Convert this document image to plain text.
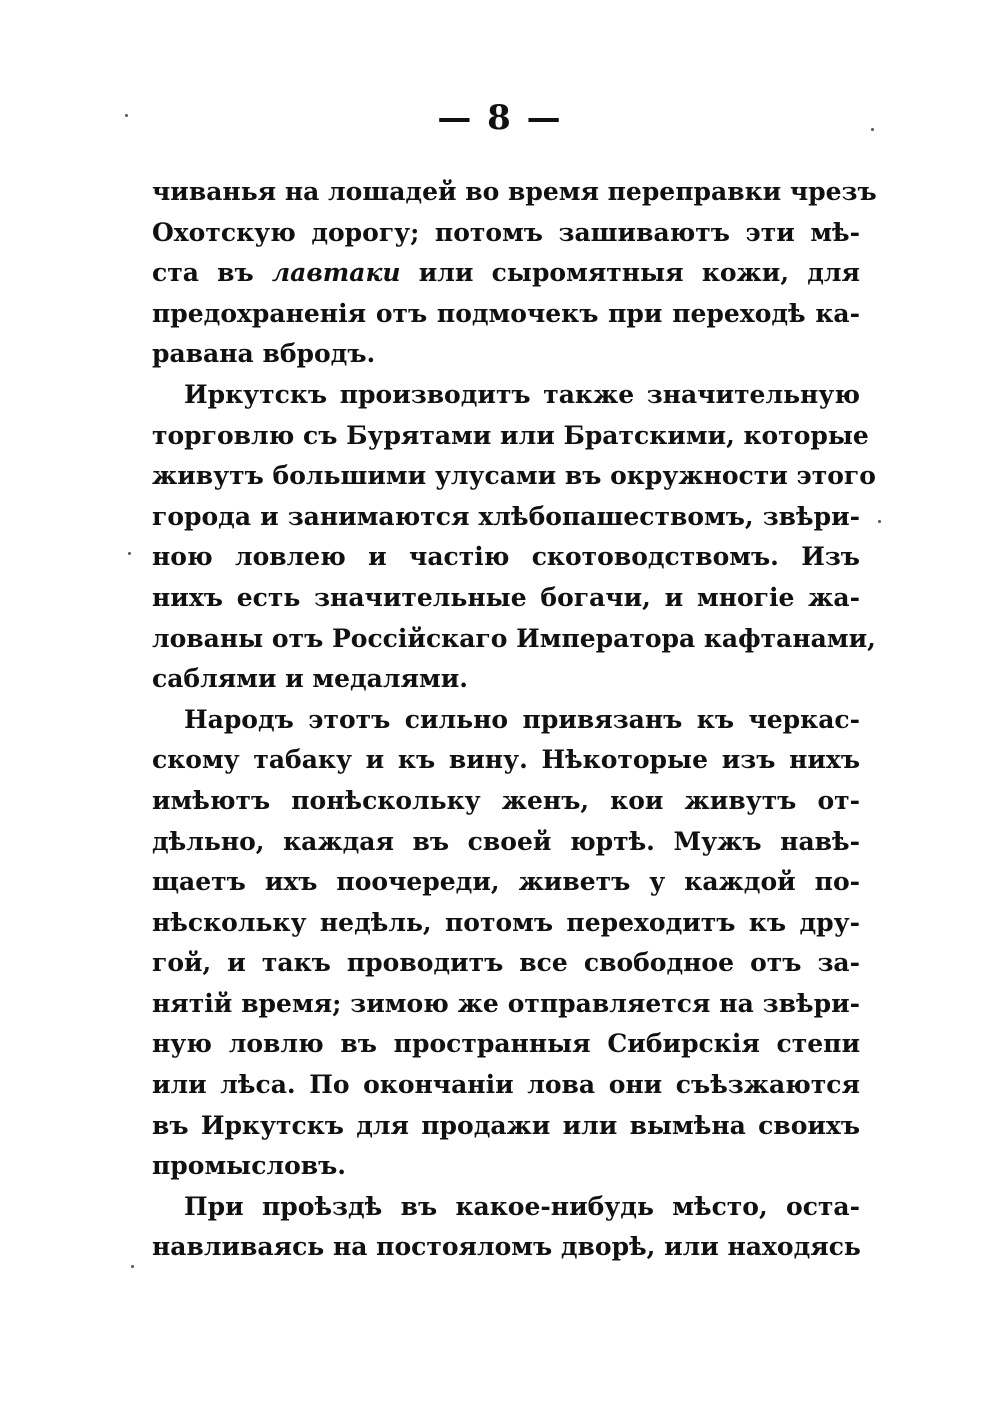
— 8 —
чиванья на лошадей во время переправки чрезъ
Охотскую дорогу; потомъ зашиваютъ эти мѣ-
ста въ лавтаки или сыромятныя кожи, для
предохраненія отъ подмочекъ при переходѣ ка-
равана вбродъ.
Иркутскъ производитъ также значительную
торговлю съ Бурятами или Братскими, которые
живутъ большими улусами въ окружности этого
города и занимаются хлѣбопашествомъ, звѣри-
ною ловлею и частію скотоводствомъ. Изъ
нихъ есть значительные богачи, и многіе жа-
лованы отъ Россійскаго Императора кафтанами,
саблями и медалями.
Народъ этотъ сильно привязанъ къ черкас-
скому табаку и къ вину. Нѣкоторые изъ нихъ
имѣютъ понѣскольку женъ, кои живутъ от-
дѣльно, каждая въ своей юртѣ. Мужъ навѣ-
щаетъ ихъ поочереди, живетъ у каждой по-
нѣскольку недѣль, потомъ переходитъ къ дру-
гой, и такъ проводитъ все свободное отъ за-
нятій время; зимою же отправляется на звѣри-
ную ловлю въ пространныя Сибирскія степи
или лѣса. По окончаніи лова они съѣзжаются
въ Иркутскъ для продажи или вымѣна своихъ
промысловъ.
При проѣздѣ въ какое-нибудь мѣсто, оста-
навливаясь на постояломъ дворѣ, или находясь
